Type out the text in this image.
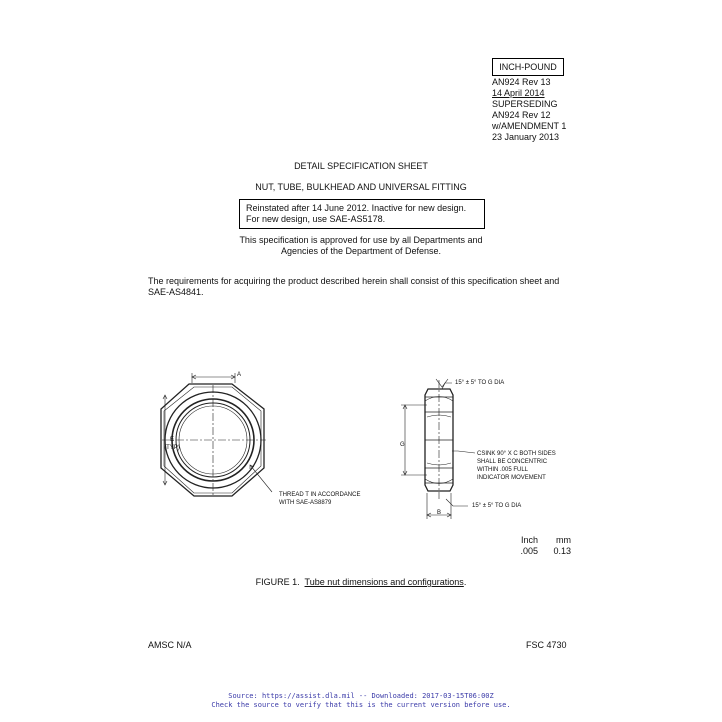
INCH-POUND
AN924 Rev 13
14 April 2014
SUPERSEDING
AN924 Rev 12
w/AMENDMENT 1
23 January 2013
DETAIL SPECIFICATION SHEET
NUT, TUBE, BULKHEAD AND UNIVERSAL FITTING
Reinstated after 14 June 2012. Inactive for new design.
For new design, use SAE-AS5178.
This specification is approved for use by all Departments and
Agencies of the Department of Defense.
The requirements for acquiring the product described herein shall consist of this specification sheet and
SAE-AS4841.
A
E
(TYP)
THREAD T IN ACCORDANCE
WITH SAE-AS8879
G
B
15° ± 5° TO G DIA
15° ± 5° TO G DIA
CSINK 90° X C BOTH SIDES
SHALL BE CONCENTRIC
WITHIN .005 FULL
INDICATOR MOVEMENT
Inch
.005
mm
0.13
FIGURE 1. Tube nut dimensions and configurations.
AMSC N/A	FSC 4730
Source: https://assist.dla.mil -- Downloaded: 2017-03-15T06:00Z
Check the source to verify that this is the current version before use.
